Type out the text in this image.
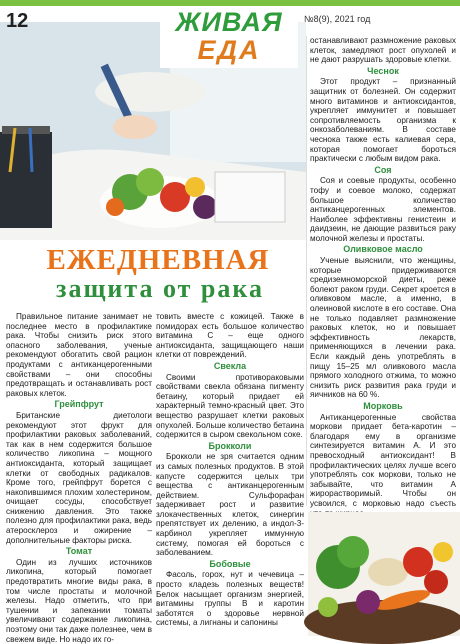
12	ЖИВАЯ
ЕДА
№8(9), 2021 год
ЕЖЕДНЕВНАЯ
защита от рака

Правильное питание занимает не последнее место в профилактике рака. Чтобы снизить риск этого опасного заболевания, ученые рекомендуют обогатить свой рацион продуктами с антиканцерогенными свойствами – они способны предотвращать и останавливать рост раковых клеток.

Грейпфрут

Британские диетологи рекомендуют этот фрукт для профилактики раковых заболеваний, так как в нем содержится большое количество ликопина – мощного антиоксиданта, который защищает клетки от свободных радикалов. Кроме того, грейпфрут борется с накопившимся плохим холестерином, очищает сосуды, способствует снижению давления. Это также полезно для профилактики рака, ведь атеросклероз и ожирение – дополнительные факторы риска.

Томат

Один из лучших источников ликопина, который помогает предотвратить многие виды рака, в том числе простаты и молочной железы. Надо отметить, что при тушении и запекании томаты увеличивают содержание ликопина, поэтому они так даже полезнее, чем в свежем виде. Но надо их го-

товить вместе с кожицей. Также в помидорах есть большое количество витамина С – еще одного антиоксиданта, защищающего наши клетки от повреждений.

Свекла

Своими противораковыми свойствами свекла обязана пигменту бетаину, который придает ей характерный темно-красный цвет. Это вещество разрушает клетки раковых опухолей. Больше количество бетаина содержится в сыром свекольном соке.

Брокколи

Брокколи не зря считается одним из самых полезных продуктов. В этой капусте содержится целых три вещества с антиканцерогенным действием. Сульфорафан задерживает рост и развитие злокачественных клеток, синергин препятствует их делению, а индол-3-карбинол укрепляет иммунную систему, помогая ей бороться с заболеванием.

Бобовые

Фасоль, горох, нут и чечевица – просто кладезь полезных веществ! Белок насыщает организм энергией, витамины группы В и каротин заботятся о здоровье нервной системы, а лигнаны и сапонины

останавливают размножение раковых клеток, замедляют рост опухолей и не дают разрушать здоровые клетки.

Чеснок

Этот продукт – признанный защитник от болезней. Он содержит много витаминов и антиоксидантов, укрепляет иммунитет и повышает сопротивляемость организма к онкозаболеваниям. В составе чеснока также есть калиевая сера, которая помогает бороться практически с любым видом рака.

Соя

Соя и соевые продукты, особенно тофу и соевое молоко, содержат большое количество антиканцерогенных элементов. Наиболее эффективны генистеин и даидзеин, не дающие развиться раку молочной железы и простаты.

Оливковое масло

Ученые выяснили, что женщины, которые придерживаются средиземноморской диеты, реже болеют раком груди. Секрет кроется в оливковом масле, а именно, в олеиновой кислоте в его составе. Она не только подавляет размножение раковых клеток, но и повышает эффективность лекарств, применяющихся в лечении рака. Если каждый день употреблять в пищу 15–25 мл оливкового масла прямого холодного отжима, то можно снизить риск развития рака груди и яичников на 60 %.

Морковь

Антиканцерогенные свойства моркови придает бета-каротин – благодаря ему в организме синтезируется витамин А. И это превосходный антиоксидант! В профилактических целях лучше всего употреблять сок моркови, только не забывайте, что витамин А жирорастворимый. Чтобы он усвоился, с морковью надо съесть
